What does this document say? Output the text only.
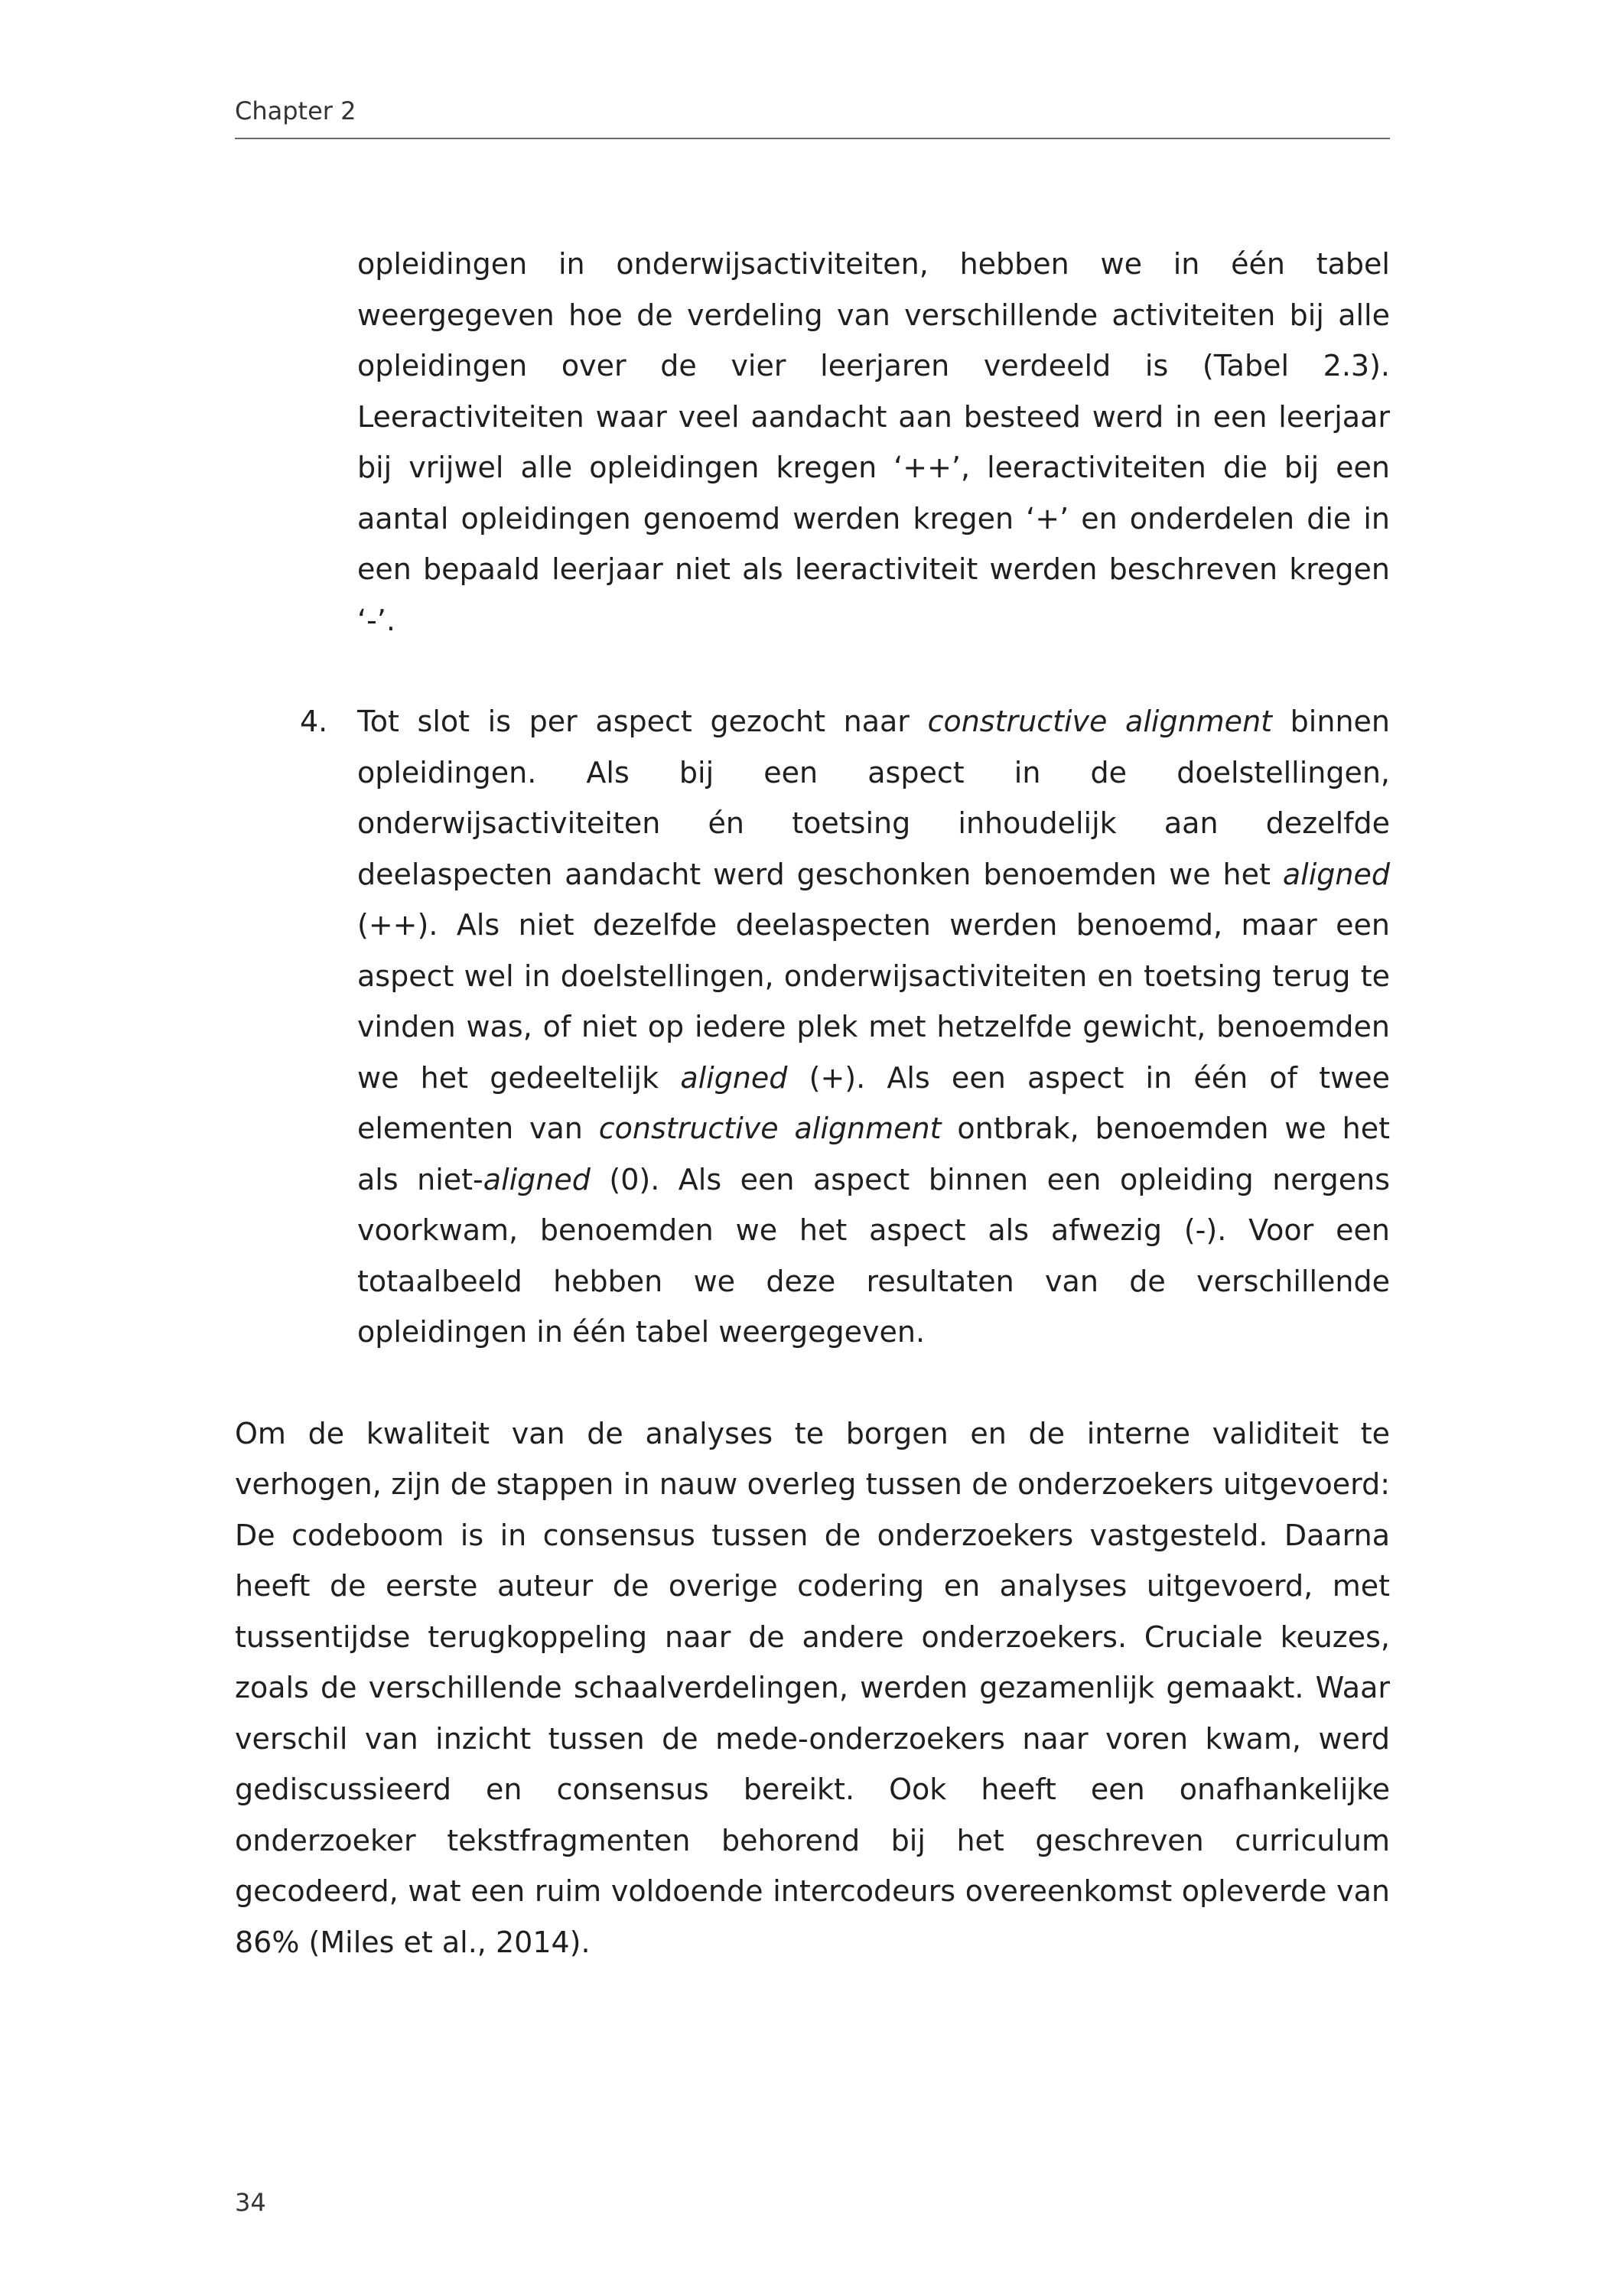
Chapter 2

opleidingen in onderwijsactiviteiten, hebben we in één tabel weergegeven hoe de verdeling van verschillende activiteiten bij alle opleidingen over de vier leerjaren verdeeld is (Tabel 2.3). Leeractiviteiten waar veel aandacht aan besteed werd in een leerjaar bij vrijwel alle opleidingen kregen ‘++’, leeractiviteiten die bij een aantal opleidingen genoemd werden kregen ‘+’ en onderdelen die in een bepaald leerjaar niet als leeractiviteit werden beschreven kregen ‘-’.

4. Tot slot is per aspect gezocht naar constructive alignment binnen opleidingen. Als bij een aspect in de doelstellingen, onderwijsactiviteiten én toetsing inhoudelijk aan dezelfde deelaspecten aandacht werd geschonken benoemden we het aligned (++). Als niet dezelfde deelaspecten werden benoemd, maar een aspect wel in doelstellingen, onderwijsactiviteiten en toetsing terug te vinden was, of niet op iedere plek met hetzelfde gewicht, benoemden we het gedeeltelijk aligned (+). Als een aspect in één of twee elementen van constructive alignment ontbrak, benoemden we het als niet-aligned (0). Als een aspect binnen een opleiding nergens voorkwam, benoemden we het aspect als afwezig (-). Voor een totaalbeeld hebben we deze resultaten van de verschillende opleidingen in één tabel weergegeven.

Om de kwaliteit van de analyses te borgen en de interne validiteit te verhogen, zijn de stappen in nauw overleg tussen de onderzoekers uitgevoerd: De codeboom is in consensus tussen de onderzoekers vastgesteld. Daarna heeft de eerste auteur de overige codering en analyses uitgevoerd, met tussentijdse terugkoppeling naar de andere onderzoekers. Cruciale keuzes, zoals de verschillende schaalverdelingen, werden gezamenlijk gemaakt. Waar verschil van inzicht tussen de mede-onderzoekers naar voren kwam, werd gediscussieerd en consensus bereikt. Ook heeft een onafhankelijke onderzoeker tekstfragmenten behorend bij het geschreven curriculum gecodeerd, wat een ruim voldoende intercodeurs overeenkomst opleverde van 86% (Miles et al., 2014).

34
